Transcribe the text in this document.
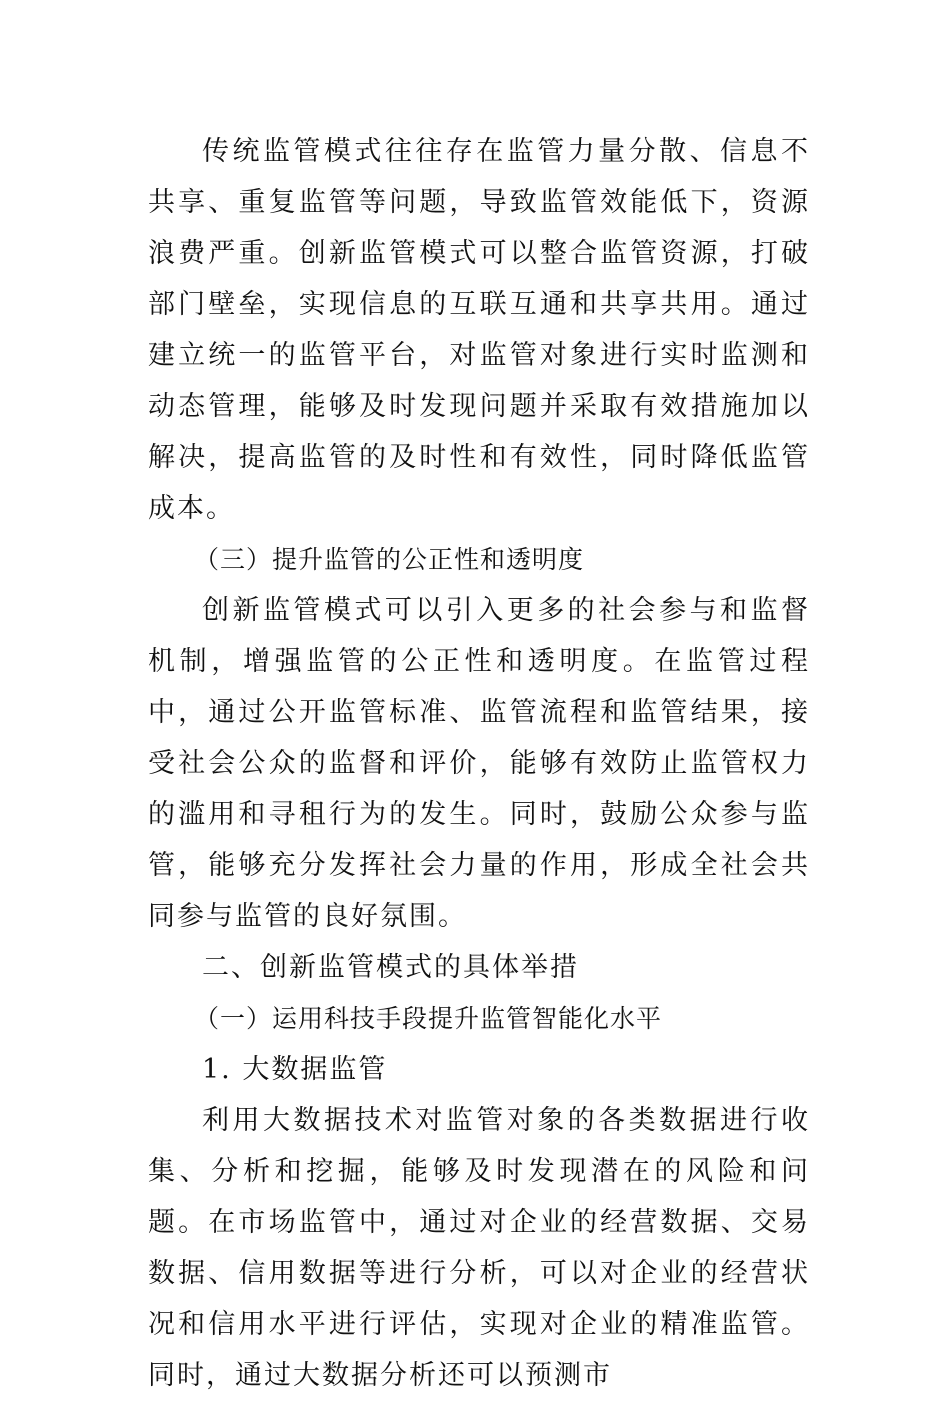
传统监管模式往往存在监管力量分散、信息不共享、重复监管等问题，导致监管效能低下，资源浪费严重。创新监管模式可以整合监管资源，打破部门壁垒，实现信息的互联互通和共享共用。通过建立统一的监管平台，对监管对象进行实时监测和动态管理，能够及时发现问题并采取有效措施加以解决，提高监管的及时性和有效性，同时降低监管成本。

（三）提升监管的公正性和透明度

创新监管模式可以引入更多的社会参与和监督机制，增强监管的公正性和透明度。在监管过程中，通过公开监管标准、监管流程和监管结果，接受社会公众的监督和评价，能够有效防止监管权力的滥用和寻租行为的发生。同时，鼓励公众参与监管，能够充分发挥社会力量的作用，形成全社会共同参与监管的良好氛围。

二、创新监管模式的具体举措

（一）运用科技手段提升监管智能化水平

1. 大数据监管

利用大数据技术对监管对象的各类数据进行收集、分析和挖掘，能够及时发现潜在的风险和问题。在市场监管中，通过对企业的经营数据、交易数据、信用数据等进行分析，可以对企业的经营状况和信用水平进行评估，实现对企业的精准监管。同时，通过大数据分析还可以预测市
